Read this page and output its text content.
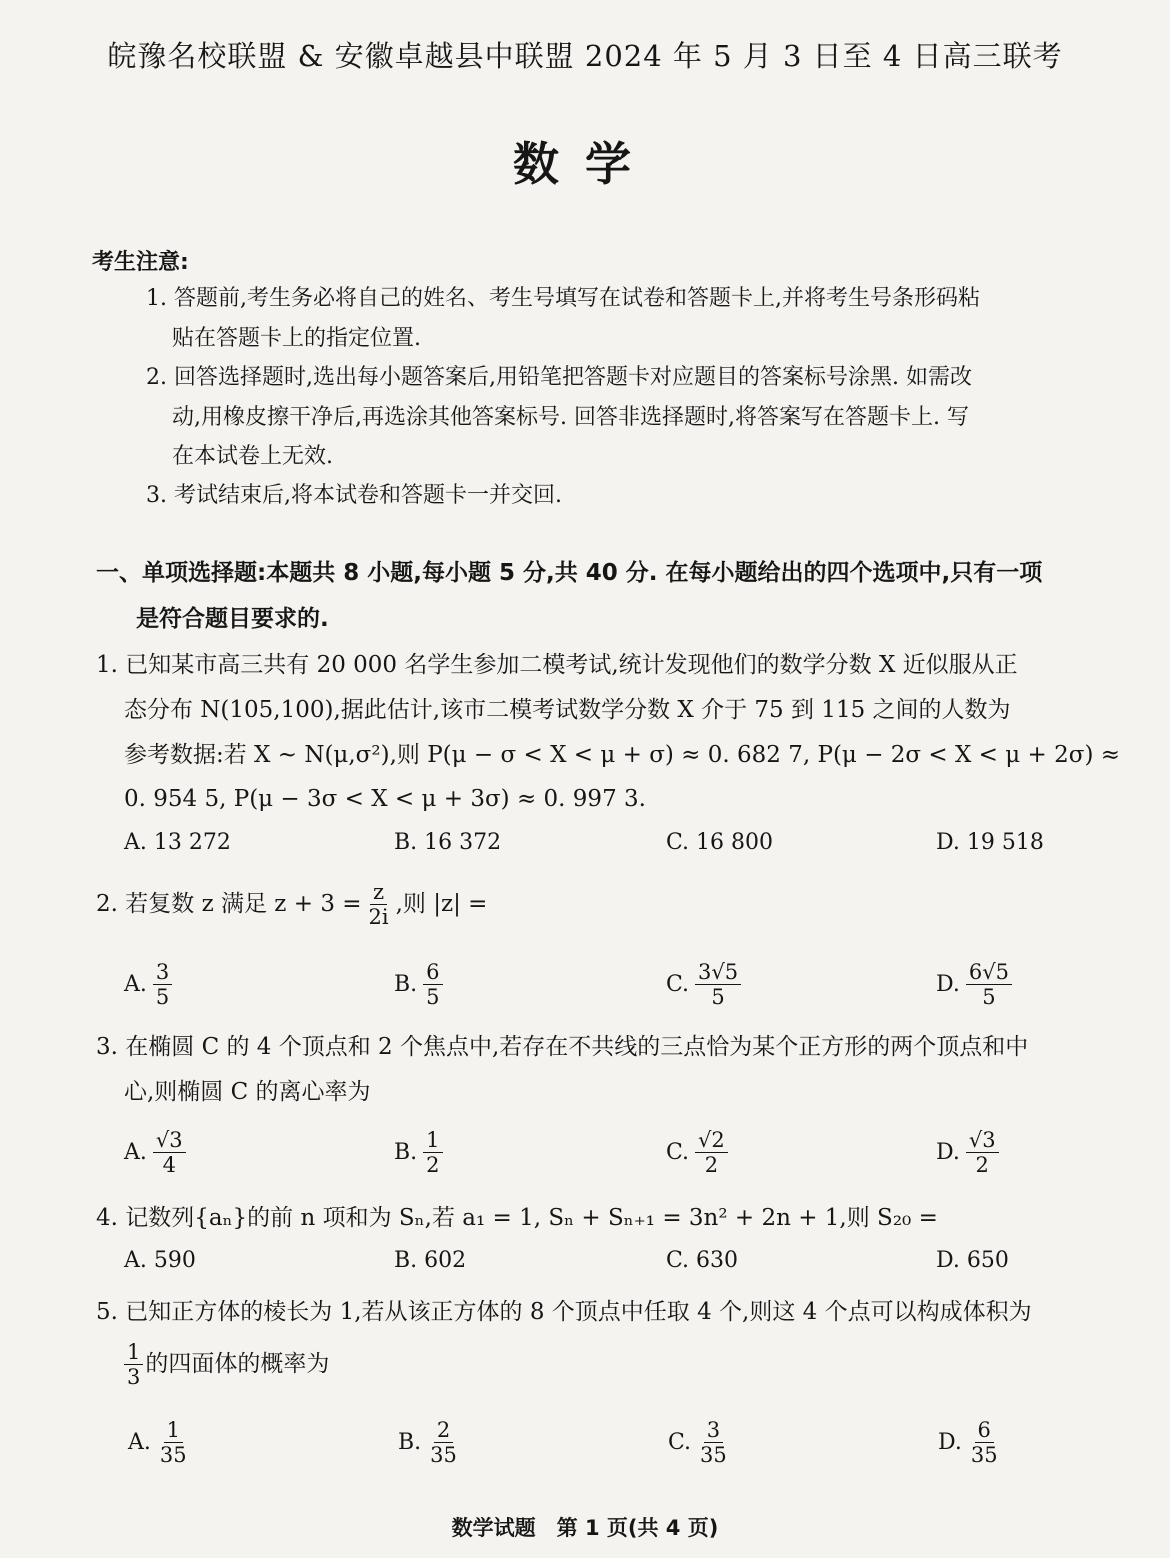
皖豫名校联盟 & 安徽卓越县中联盟 2024 年 5 月 3 日至 4 日高三联考
数学
考生注意:
1. 答题前,考生务必将自己的姓名、考生号填写在试卷和答题卡上,并将考生号条形码粘
贴在答题卡上的指定位置.
2. 回答选择题时,选出每小题答案后,用铅笔把答题卡对应题目的答案标号涂黑. 如需改
动,用橡皮擦干净后,再选涂其他答案标号. 回答非选择题时,将答案写在答题卡上. 写
在本试卷上无效.
3. 考试结束后,将本试卷和答题卡一并交回.
一、单项选择题:本题共 8 小题,每小题 5 分,共 40 分. 在每小题给出的四个选项中,只有一项
是符合题目要求的.
1. 已知某市高三共有 20 000 名学生参加二模考试,统计发现他们的数学分数 X 近似服从正
态分布 N(105,100),据此估计,该市二模考试数学分数 X 介于 75 到 115 之间的人数为
参考数据:若 X ~ N(μ,σ²),则 P(μ − σ < X < μ + σ) ≈ 0. 682 7, P(μ − 2σ < X < μ + 2σ) ≈
0. 954 5, P(μ − 3σ < X < μ + 3σ) ≈ 0. 997 3.
A. 13 272	B. 16 372	C. 16 800	D. 19 518
2. 若复数 z 满足 $z + 3 = \frac{z}{2i}$ ,则 |z| =
A. $\frac{3}{5}$	B. $\frac{6}{5}$	C. $\frac{3√5}{5}$	D. $\frac{6√5}{5}$
3. 在椭圆 C 的 4 个顶点和 2 个焦点中,若存在不共线的三点恰为某个正方形的两个顶点和中
心,则椭圆 C 的离心率为
A. $\frac{√3}{4}$	B. $\frac{1}{2}$	C. $\frac{√2}{2}$	D. $\frac{√3}{2}$
4. 记数列{aₙ}的前 n 项和为 Sₙ,若 a₁ = 1, Sₙ + Sₙ₊₁ = 3n² + 2n + 1,则 S₂₀ =
A. 590	B. 602	C. 630	D. 650
5. 已知正方体的棱长为 1,若从该正方体的 8 个顶点中任取 4 个,则这 4 个点可以构成体积为
$\frac{1}{3}$ 的四面体的概率为
A. $\frac{1}{35}$	B. $\frac{2}{35}$	C. $\frac{3}{35}$	D. $\frac{6}{35}$
数学试题　第 1 页(共 4 页)
